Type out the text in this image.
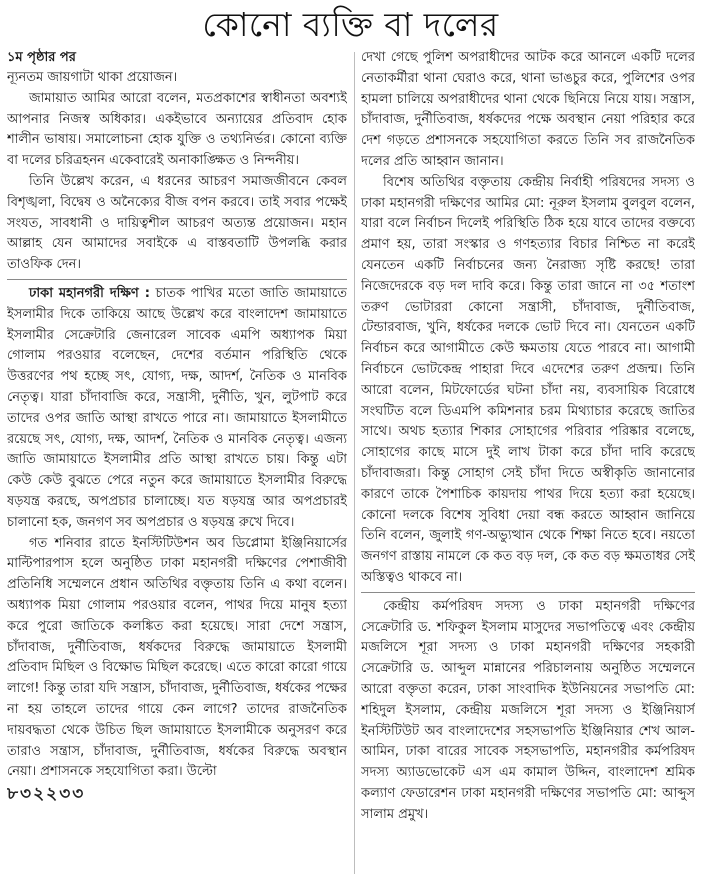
কোনো ব্যক্তি বা দলের

১ম পৃষ্ঠার পর

ন্যূনতম জায়গাটা থাকা প্রয়োজন।

জামায়াত আমির আরো বলেন, মতপ্রকাশের স্বাধীনতা অবশ্যই আপনার নিজস্ব অধিকার। একইভাবে অন্যায়ের প্রতিবাদ হোক শালীন ভাষায়। সমালোচনা হোক যুক্তি ও তথ্যনির্ভর। কোনো ব্যক্তি বা দলের চরিত্রহনন একেবারেই অনাকাঙ্ক্ষিত ও নিন্দনীয়।

তিনি উল্লেখ করেন, এ ধরনের আচরণ সমাজজীবনে কেবল বিশৃঙ্খলা, বিদ্বেষ ও অনৈক্যের বীজ বপন করবে। তাই সবার পক্ষেই সংযত, সাবধানী ও দায়িত্বশীল আচরণ অত্যন্ত প্রয়োজন। মহান আল্লাহ যেন আমাদের সবাইকে এ বাস্তবতাটি উপলব্ধি করার তাওফিক দেন।

ঢাকা মহানগরী দক্ষিণ : চাতক পাখির মতো জাতি জামায়াতে ইসলামীর দিকে তাকিয়ে আছে উল্লেখ করে বাংলাদেশ জামায়াতে ইসলামীর সেক্রেটারি জেনারেল সাবেক এমপি অধ্যাপক মিয়া গোলাম পরওয়ার বলেছেন, দেশের বর্তমান পরিস্থিতি থেকে উত্তরণের পথ হচ্ছে সৎ, যোগ্য, দক্ষ, আদর্শ, নৈতিক ও মানবিক নেতৃত্ব। যারা চাঁদাবাজি করে, সন্ত্রাসী, দুর্নীতি, খুন, লুটপাট করে তাদের ওপর জাতি আস্থা রাখতে পারে না। জামায়াতে ইসলামীতে রয়েছে সৎ, যোগ্য, দক্ষ, আদর্শ, নৈতিক ও মানবিক নেতৃত্ব। এজন্য জাতি জামায়াতে ইসলামীর প্রতি আস্থা রাখতে চায়। কিন্তু এটা কেউ কেউ বুঝতে পেরে নতুন করে জামায়াতে ইসলামীর বিরুদ্ধে ষড়যন্ত্র করছে, অপপ্রচার চালাচ্ছে। যত ষড়যন্ত্র আর অপপ্রচারই চালানো হক, জনগণ সব অপপ্রচার ও ষড়যন্ত্র রুখে দিবে।

গত শনিবার রাতে ইনস্টিটিউশন অব ডিপ্লোমা ইঞ্জিনিয়ার্সের মাল্টিপারপাস হলে অনুষ্ঠিত ঢাকা মহানগরী দক্ষিণের পেশাজীবী প্রতিনিধি সম্মেলনে প্রধান অতিথির বক্তৃতায় তিনি এ কথা বলেন। অধ্যাপক মিয়া গোলাম পরওয়ার বলেন, পাথর দিয়ে মানুষ হত্যা করে পুরো জাতিকে কলঙ্কিত করা হয়েছে। সারা দেশে সন্ত্রাস, চাঁদাবাজ, দুর্নীতিবাজ, ধর্ষকদের বিরুদ্ধে জামায়াতে ইসলামী প্রতিবাদ মিছিল ও বিক্ষোভ মিছিল করেছে। এতে কারো কারো গায়ে লাগে! কিন্তু তারা যদি সন্ত্রাস, চাঁদাবাজ, দুর্নীতিবাজ, ধর্ষকের পক্ষের না হয় তাহলে তাদের গায়ে কেন লাগে? তাদের রাজনৈতিক দায়বদ্ধতা থেকে উচিত ছিল জামায়াতে ইসলামীকে অনুসরণ করে তারাও সন্ত্রাস, চাঁদাবাজ, দুর্নীতিবাজ, ধর্ষকের বিরুদ্ধে অবস্থান নেয়া। প্রশাসনকে সহযোগিতা করা। উল্টো

৮৩২২৩৩

দেখা গেছে পুলিশ অপরাধীদের আটক করে আনলে একটি দলের নেতাকর্মীরা থানা ঘেরাও করে, থানা ভাঙচুর করে, পুলিশের ওপর হামলা চালিয়ে অপরাধীদের থানা থেকে ছিনিয়ে নিয়ে যায়। সন্ত্রাস, চাঁদাবাজ, দুর্নীতিবাজ, ধর্ষকদের পক্ষে অবস্থান নেয়া পরিহার করে দেশ গড়তে প্রশাসনকে সহযোগিতা করতে তিনি সব রাজনৈতিক দলের প্রতি আহ্বান জানান।

বিশেষ অতিথির বক্তৃতায় কেন্দ্রীয় নির্বাহী পরিষদের সদস্য ও ঢাকা মহানগরী দক্ষিণের আমির মো: নূরুল ইসলাম বুলবুল বলেন, যারা বলে নির্বাচন দিলেই পরিস্থিতি ঠিক হয়ে যাবে তাদের বক্তব্যে প্রমাণ হয়, তারা সংস্কার ও গণহত্যার বিচার নিশ্চিত না করেই যেনতেন একটি নির্বাচনের জন্য নৈরাজ্য সৃষ্টি করছে! তারা নিজেদেরকে বড় দল দাবি করে। কিন্তু তারা জানে না ৩৫ শতাংশ তরুণ ভোটাররা কোনো সন্ত্রাসী, চাঁদাবাজ, দুর্নীতিবাজ, টেন্ডারবাজ, খুনি, ধর্ষকের দলকে ভোট দিবে না। যেনতেন একটি নির্বাচন করে আগামীতে কেউ ক্ষমতায় যেতে পারবে না। আগামী নির্বাচনে ভোটকেন্দ্র পাহারা দিবে এদেশের তরুণ প্রজন্ম। তিনি আরো বলেন, মিটফোর্ডের ঘটনা চাঁদা নয়, ব্যবসায়িক বিরোধে সংঘটিত বলে ডিএমপি কমিশনার চরম মিথ্যাচার করেছে জাতির সাথে। অথচ হত্যার শিকার সোহাগের পরিবার পরিষ্কার বলেছে, সোহাগের কাছে মাসে দুই লাখ টাকা করে চাঁদা দাবি করেছে চাঁদাবাজরা। কিন্তু সোহাগ সেই চাঁদা দিতে অস্বীকৃতি জানানোর কারণে তাকে পৈশাচিক কায়দায় পাথর দিয়ে হত্যা করা হয়েছে। কোনো দলকে বিশেষ সুবিধা দেয়া বন্ধ করতে আহ্বান জানিয়ে তিনি বলেন, জুলাই গণ-অভ্যুত্থান থেকে শিক্ষা নিতে হবে। নয়তো জনগণ রাস্তায় নামলে কে কত বড় দল, কে কত বড় ক্ষমতাধর সেই অস্তিত্বও থাকবে না।

কেন্দ্রীয় কর্মপরিষদ সদস্য ও ঢাকা মহানগরী দক্ষিণের সেক্রেটারি ড. শফিকুল ইসলাম মাসুদের সভাপতিত্বে এবং কেন্দ্রীয় মজলিসে শূরা সদস্য ও ঢাকা মহানগরী দক্ষিণের সহকারী সেক্রেটারি ড. আব্দুল মান্নানের পরিচালনায় অনুষ্ঠিত সম্মেলনে আরো বক্তৃতা করেন, ঢাকা সাংবাদিক ইউনিয়নের সভাপতি মো: শহিদুল ইসলাম, কেন্দ্রীয় মজলিসে শূরা সদস্য ও ইঞ্জিনিয়ার্স ইনস্টিটিউট অব বাংলাদেশের সহসভাপতি ইঞ্জিনিয়ার শেখ আল-আমিন, ঢাকা বারের সাবেক সহসভাপতি, মহানগরীর কর্মপরিষদ সদস্য অ্যাডভোকেট এস এম কামাল উদ্দিন, বাংলাদেশ শ্রমিক কল্যাণ ফেডারেশন ঢাকা মহানগরী দক্ষিণের সভাপতি মো: আব্দুস সালাম প্রমুখ।
